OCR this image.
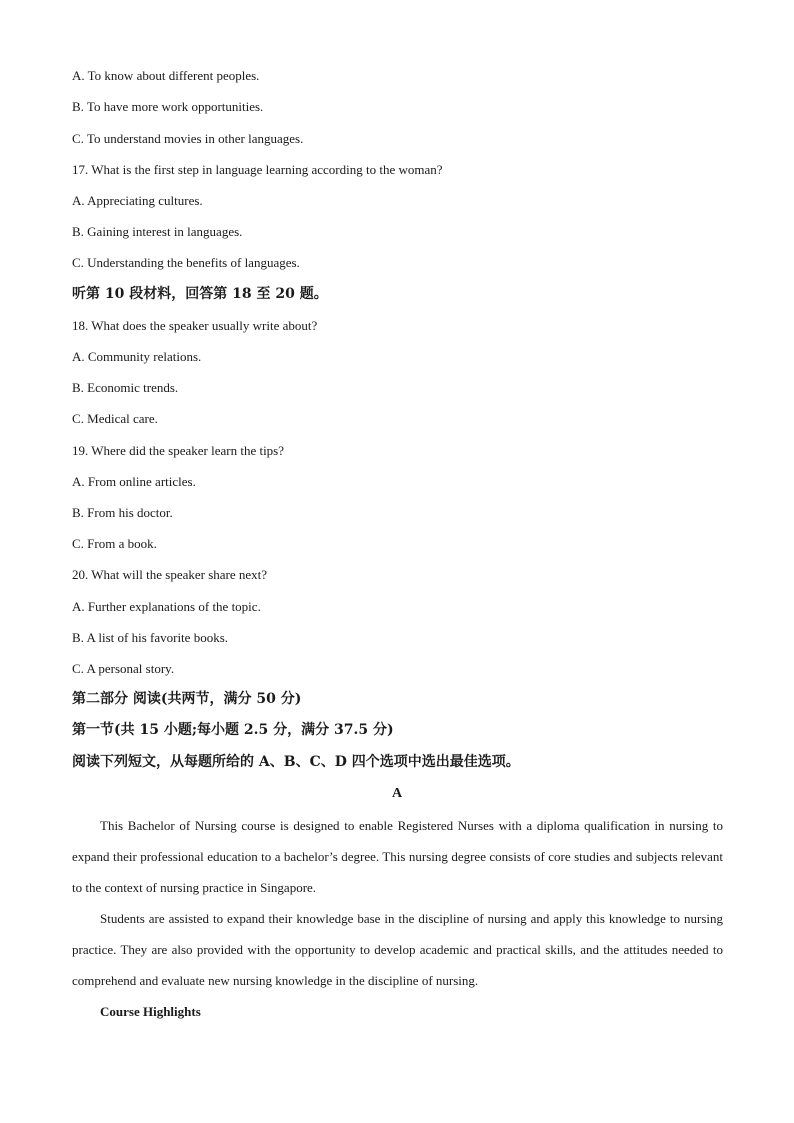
A. To know about different peoples.
B. To have more work opportunities.
C. To understand movies in other languages.
17. What is the first step in language learning according to the woman?
A. Appreciating cultures.
B. Gaining interest in languages.
C. Understanding the benefits of languages.
听第 10 段材料，回答第 18 至 20 题。
18. What does the speaker usually write about?
A. Community relations.
B. Economic trends.
C. Medical care.
19. Where did the speaker learn the tips?
A. From online articles.
B. From his doctor.
C. From a book.
20. What will the speaker share next?
A. Further explanations of the topic.
B. A list of his favorite books.
C. A personal story.
第二部分 阅读(共两节，满分 50 分)
第一节(共 15 小题;每小题 2.5 分，满分 37.5 分)
阅读下列短文，从每题所给的 A、B、C、D 四个选项中选出最佳选项。
A
This Bachelor of Nursing course is designed to enable Registered Nurses with a diploma qualification in nursing to expand their professional education to a bachelor’s degree. This nursing degree consists of core studies and subjects relevant to the context of nursing practice in Singapore.
Students are assisted to expand their knowledge base in the discipline of nursing and apply this knowledge to nursing practice. They are also provided with the opportunity to develop academic and practical skills, and the attitudes needed to comprehend and evaluate new nursing knowledge in the discipline of nursing.
Course Highlights
